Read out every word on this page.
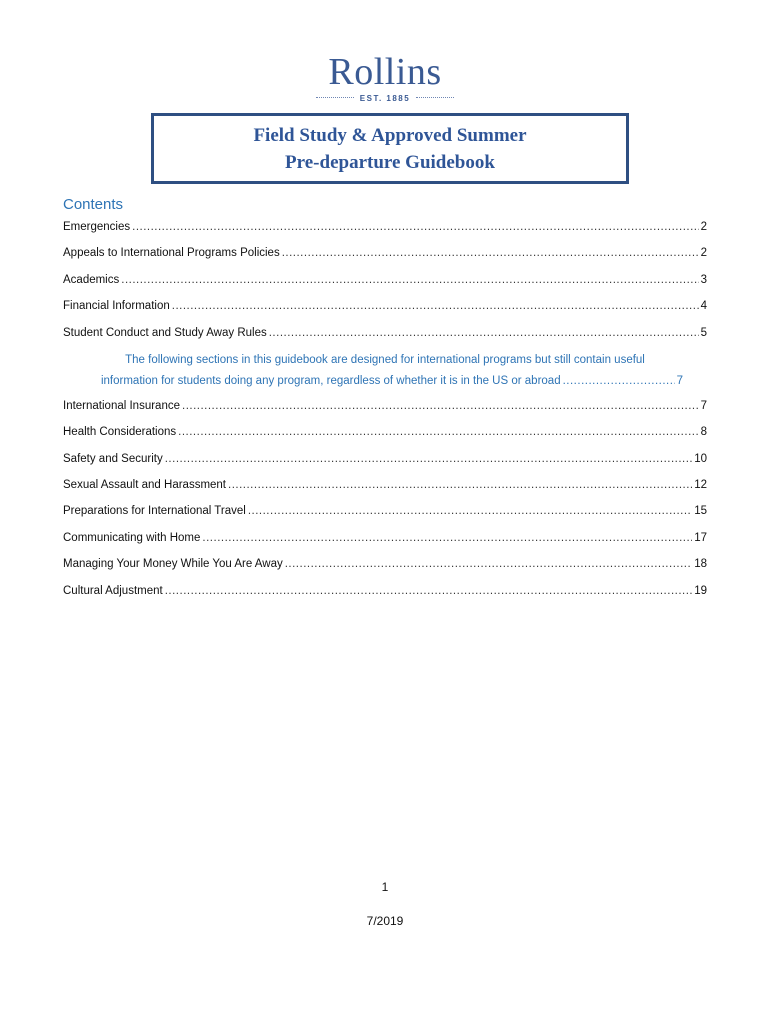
Rollins
EST. 1885
Field Study & Approved Summer
Pre-departure Guidebook
Contents
Emergencies .....	2
Appeals to International Programs Policies .....	2
Academics .....	3
Financial Information .....	4
Student Conduct and Study Away Rules .....	5
The following sections in this guidebook are designed for international programs but still contain useful
information for students doing any program, regardless of whether it is in the US or abroad .....	7
International Insurance .....	7
Health Considerations .....	8
Safety and Security .....	10
Sexual Assault and Harassment .....	12
Preparations for International Travel .....	15
Communicating with Home .....	17
Managing Your Money While You Are Away .....	18
Cultural Adjustment .....	19
1
7/2019
